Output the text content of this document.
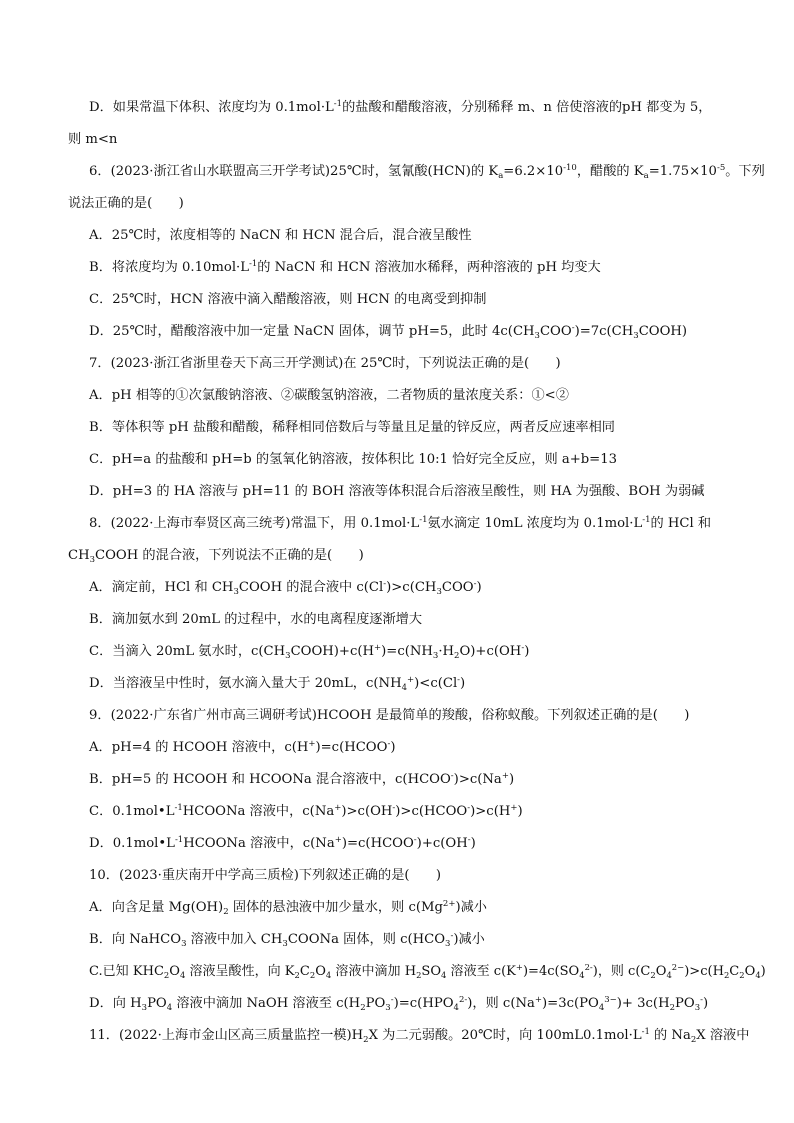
D．如果常温下体积、浓度均为 $0.1mol\cdot L^{-1}$的盐酸和醋酸溶液，分别稀释 m、n 倍使溶液的pH 都变为 5，
则 m<n
6．(2023·浙江省山水联盟高三开学考试)25℃时，氢氰酸(HCN)的 $K_a=6.2\times 10^{-10}$，醋酸的 $K_a=1.75\times 10^{-5}$。下列
说法正确的是(　　)
A．25℃时，浓度相等的 NaCN 和 HCN 混合后，混合液呈酸性
B．将浓度均为 $0.10mol\cdot L^{-1}$的 NaCN 和 HCN 溶液加水稀释，两种溶液的 pH 均变大
C．25℃时，HCN 溶液中滴入醋酸溶液，则 HCN 的电离受到抑制
D．25℃时，醋酸溶液中加一定量 NaCN 固体，调节 pH=5，此时 $4c(CH_3COO^-)=7c(CH_3COOH)$
7．(2023·浙江省浙里卷天下高三开学测试)在 25℃时，下列说法正确的是(　　)
A．pH 相等的①次氯酸钠溶液、②碳酸氢钠溶液，二者物质的量浓度关系：①<②
B．等体积等 pH 盐酸和醋酸，稀释相同倍数后与等量且足量的锌反应，两者反应速率相同
C．pH=a 的盐酸和 pH=b 的氢氧化钠溶液，按体积比 10:1 恰好完全反应，则 a+b=13
D．pH=3 的 HA 溶液与 pH=11 的 BOH 溶液等体积混合后溶液呈酸性，则 HA 为强酸、BOH 为弱碱
8．(2022·上海市奉贤区高三统考)常温下，用 $0.1mol\cdot L^{-1}$氨水滴定 10mL 浓度均为 $0.1mol\cdot L^{-1}$的 HCl 和
$CH_3COOH$ 的混合液，下列说法不正确的是(　　)
A．滴定前，HCl 和 $CH_3COOH$ 的混合液中 $c(Cl^-)>c(CH_3COO^-)$
B．滴加氨水到 20mL 的过程中，水的电离程度逐渐增大
C．当滴入 20mL 氨水时，$c(CH_3COOH)+c(H^+)=c(NH_3\cdot H_2O)+c(OH^-)$
D．当溶液呈中性时，氨水滴入量大于 20mL，$c(NH_4^+)<c(Cl^-)$
9．(2022·广东省广州市高三调研考试)HCOOH 是最简单的羧酸，俗称蚁酸。下列叙述正确的是(　　)
A．pH=4 的 HCOOH 溶液中，c(H+)=c(HCOO-)
B．pH=5 的 HCOOH 和 HCOONa 混合溶液中，c(HCOO-)>c(Na+)
C．$0.1mol•L^{-1}HCOONa$ 溶液中，c(Na+)>c(OH-)>c(HCOO-)>c(H+)
D．$0.1mol•L^{-1}HCOONa$ 溶液中，c(Na+)=c(HCOO-)+c(OH-)
10．(2023·重庆南开中学高三质检)下列叙述正确的是(　　)
A．向含足量 $Mg(OH)_2$ 固体的悬浊液中加少量水，则 $c(Mg^{2+})$减小
B．向 NaHCO$_3$ 溶液中加入 $CH_3COONa$ 固体，则 $c(HCO_3^-)$减小
C.已知 $KHC_2O_4$ 溶液呈酸性，向 $K_2C_2O_4$ 溶液中滴加 $H_2SO_4$ 溶液至 $c(K^+)=4c(SO_4^{2-})$，则 $c(C_2O_4^{2-})>c(H_2C_2O_4)$
D．向 $H_3PO_4$ 溶液中滴加 NaOH 溶液至 $c(H_2PO_3^-)=c(HPO_4^{2-})$，则 $c(Na^+)=3c(PO_4^{3-})+ 3c(H_2PO_3^-)$
11．(2022·上海市金山区高三质量监控一模)$H_2X$ 为二元弱酸。20℃时，向 $100mL0.1mol\cdot L^{-1}$ 的 $Na_2X$ 溶液中
